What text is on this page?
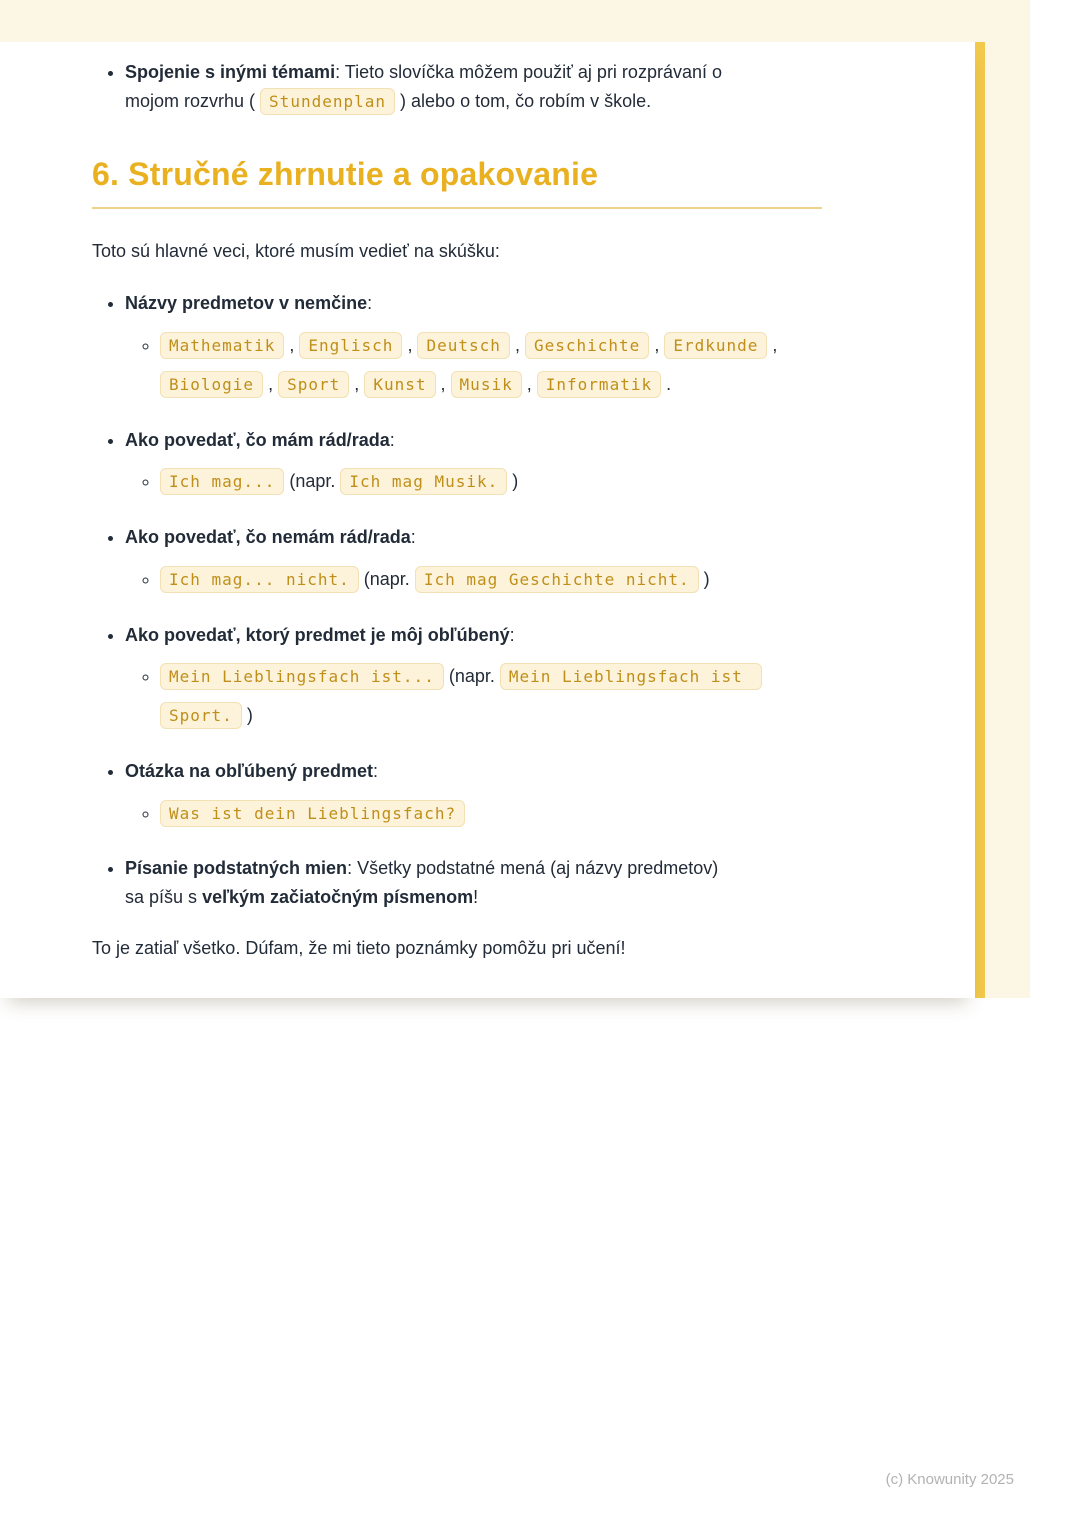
• Spojenie s inými témami: Tieto slovíčka môžem použiť aj pri rozprávaní o mojom rozvrhu ( Stundenplan ) alebo o tom, čo robím v škole.
6. Stručné zhrnutie a opakovanie

Toto sú hlavné veci, ktoré musím vedieť na skúšku:

• Názvy predmetov v nemčine:
◦ Mathematik , Englisch , Deutsch , Geschichte , Erdkunde , Biologie , Sport , Kunst , Musik , Informatik .
• Ako povedať, čo mám rád/rada:
◦ Ich mag... (napr. Ich mag Musik. )
• Ako povedať, čo nemám rád/rada:
◦ Ich mag... nicht. (napr. Ich mag Geschichte nicht. )
• Ako povedať, ktorý predmet je môj obľúbený:
◦ Mein Lieblingsfach ist... (napr. Mein Lieblingsfach ist Sport. )
• Otázka na obľúbený predmet:
◦ Was ist dein Lieblingsfach?
• Písanie podstatných mien: Všetky podstatné mená (aj názvy predmetov) sa píšu s veľkým začiatočným písmenom!

To je zatiaľ všetko. Dúfam, že mi tieto poznámky pomôžu pri učení!

(c) Knowunity 2025
